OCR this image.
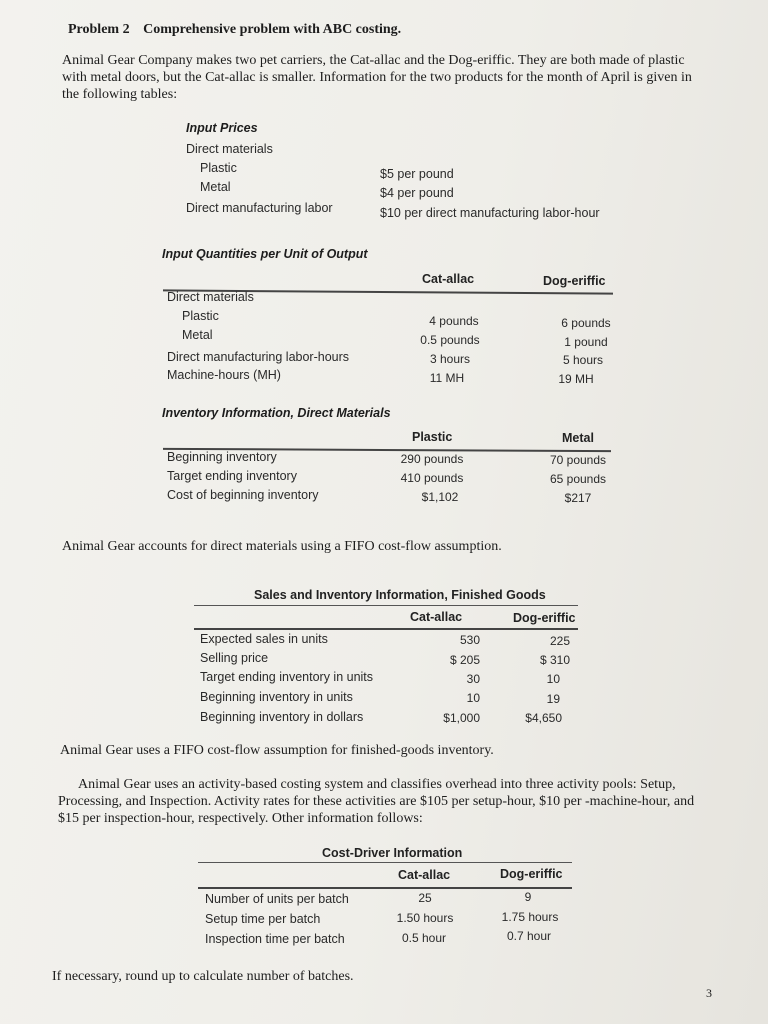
Problem 2 Comprehensive problem with ABC costing.
Animal Gear Company makes two pet carriers, the Cat-allac and the Dog-eriffic. They are both made of plastic with metal doors, but the Cat-allac is smaller. Information for the two products for the month of April is given in the following tables:
Input Prices
Direct materials
Plastic	$5 per pound
Metal	$4 per pound
Direct manufacturing labor	$10 per direct manufacturing labor-hour
Input Quantities per Unit of Output
Cat-allac	Dog-eriffic
Direct materials
Plastic	4 pounds	6 pounds
Metal	0.5 pounds	1 pound
Direct manufacturing labor-hours	3 hours	5 hours
Machine-hours (MH)	11 MH	19 MH
Inventory Information, Direct Materials
Plastic	Metal
Beginning inventory	290 pounds	70 pounds
Target ending inventory	410 pounds	65 pounds
Cost of beginning inventory	$1,102	$217
Animal Gear accounts for direct materials using a FIFO cost-flow assumption.
Sales and Inventory Information, Finished Goods
Cat-allac	Dog-eriffic
Expected sales in units	530	225
Selling price	$ 205	$ 310
Target ending inventory in units	30	10
Beginning inventory in units	10	19
Beginning inventory in dollars	$1,000	$4,650
Animal Gear uses a FIFO cost-flow assumption for finished-goods inventory.
Animal Gear uses an activity-based costing system and classifies overhead into three activity pools: Setup, Processing, and Inspection. Activity rates for these activities are $105 per setup-hour, $10 per -machine-hour, and $15 per inspection-hour, respectively. Other information follows:
Cost-Driver Information
Cat-allac	Dog-eriffic
Number of units per batch	25	9
Setup time per batch	1.50 hours	1.75 hours
Inspection time per batch	0.5 hour	0.7 hour
If necessary, round up to calculate number of batches.
3
